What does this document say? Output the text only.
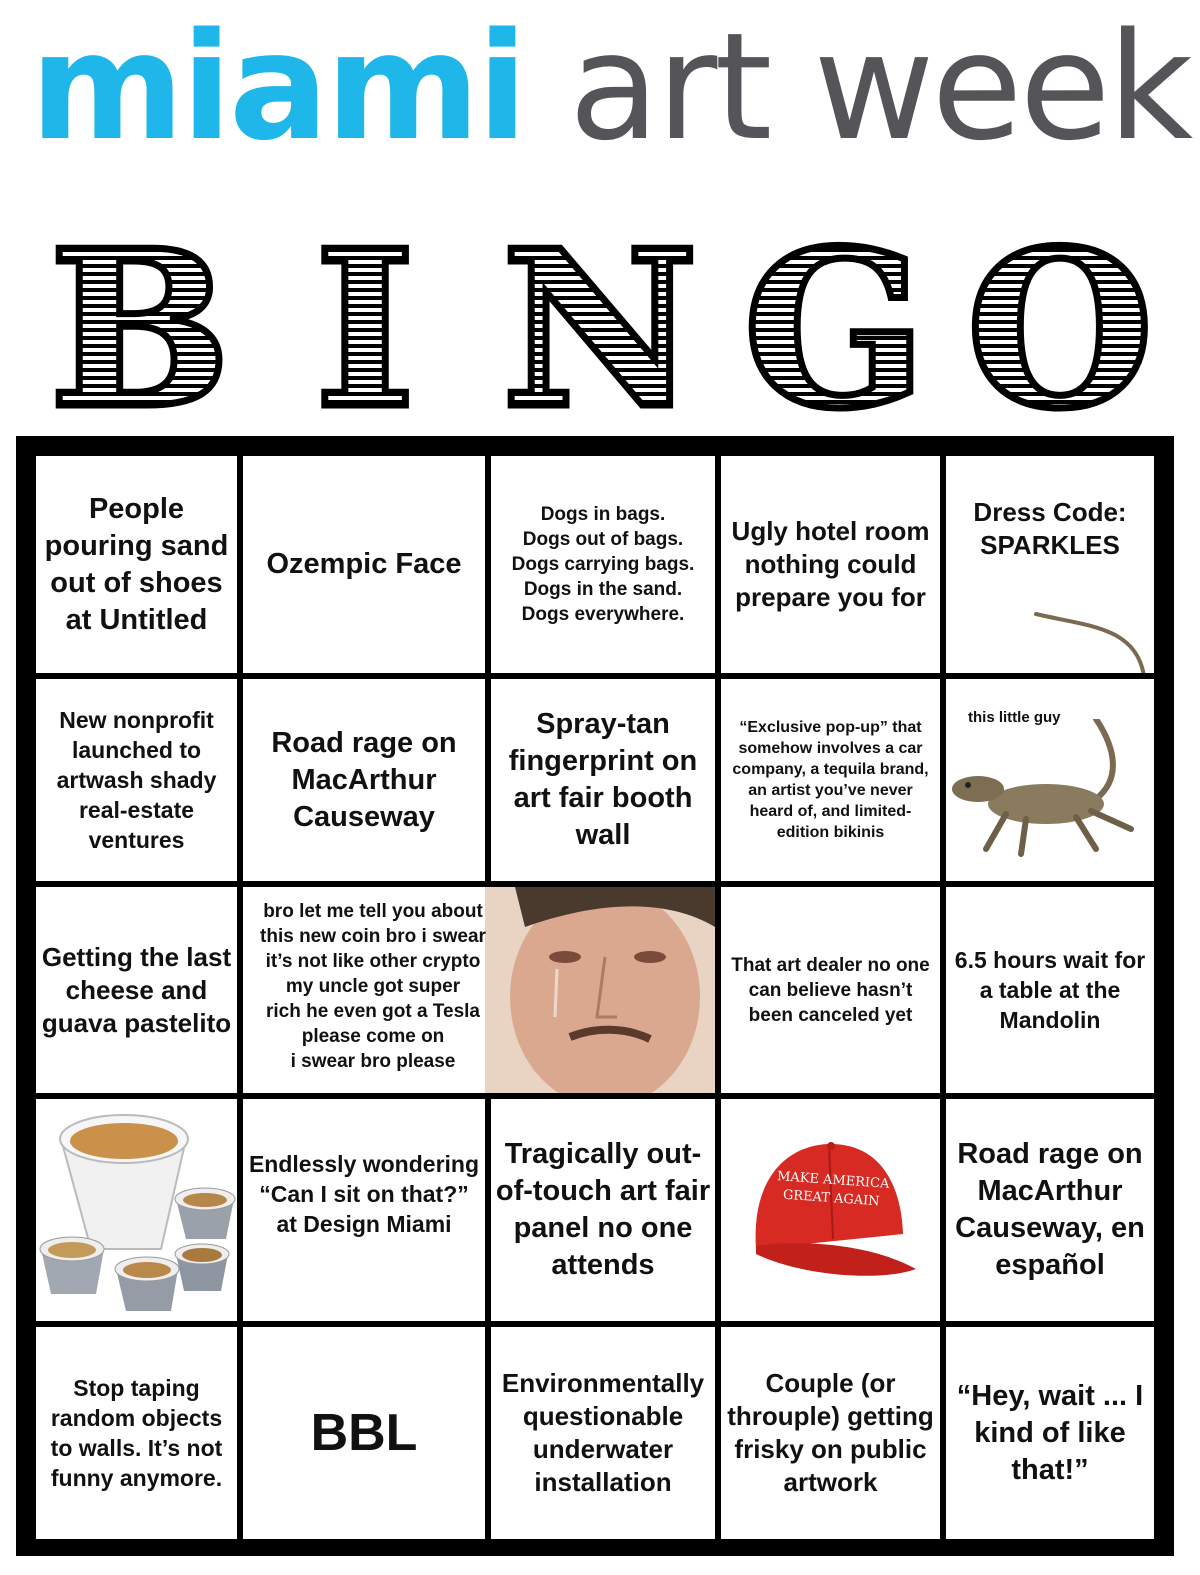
miami art week
B I N G O
People pouring sand out of shoes at Untitled
Ozempic Face
Dogs in bags.
Dogs out of bags.
Dogs carrying bags.
Dogs in the sand.
Dogs everywhere.
Ugly hotel room nothing could prepare you for
Dress Code: SPARKLES
New nonprofit launched to artwash shady real-estate ventures
Road rage on MacArthur Causeway
Spray-tan fingerprint on art fair booth wall
“Exclusive pop-up” that somehow involves a car company, a tequila brand, an artist you’ve never heard of, and limited-edition bikinis
this little guy
Getting the last cheese and guava pastelito
bro let me tell you about
this new coin bro i swear
it’s not like other crypto
my uncle got super
rich he even got a Tesla
please come on
i swear bro please
That art dealer no one can believe hasn’t been canceled yet
6.5 hours wait for a table at the Mandolin
Endlessly wondering “Can I sit on that?” at Design Miami
Tragically out-of-touch art fair panel no one attends
MAKE AMERICA
GREAT AGAIN
Road rage on MacArthur Causeway, en español
Stop taping random objects to walls. It’s not funny anymore.
BBL
Environmentally questionable underwater installation
Couple (or throuple) getting frisky on public artwork
“Hey, wait ... I kind of like that!”
